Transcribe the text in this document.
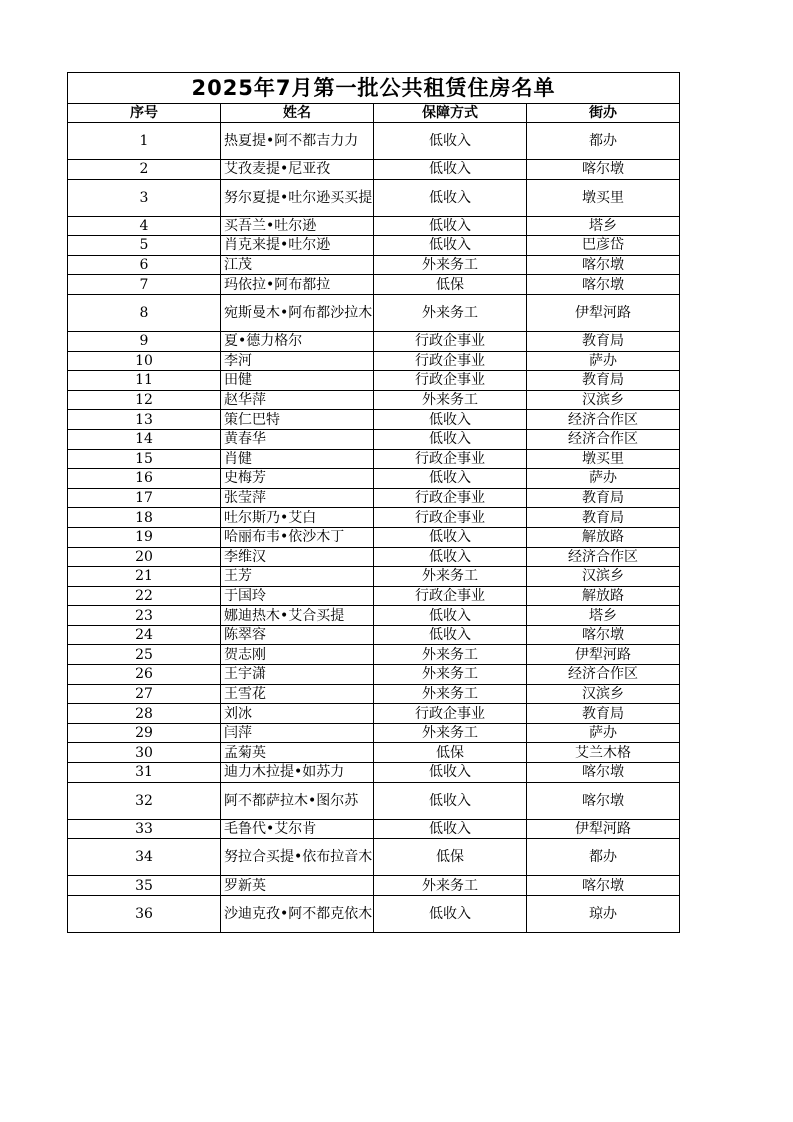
2025年7月第一批公共租赁住房名单			
序号	姓名	保障方式	街办
1	热夏提•阿不都吉力力	低收入	都办
2	艾孜麦提•尼亚孜	低收入	喀尔墩
3	努尔夏提•吐尔逊买买提	低收入	墩买里
4	买吾兰•吐尔逊	低收入	塔乡
5	肖克来提•吐尔逊	低收入	巴彦岱
6	江茂	外来务工	喀尔墩
7	玛依拉•阿布都拉	低保	喀尔墩
8	宛斯曼木•阿布都沙拉木	外来务工	伊犁河路
9	夏•德力格尔	行政企事业	教育局
10	李河	行政企事业	萨办
11	田健	行政企事业	教育局
12	赵华萍	外来务工	汉滨乡
13	策仁巴特	低收入	经济合作区
14	黄春华	低收入	经济合作区
15	肖健	行政企事业	墩买里
16	史梅芳	低收入	萨办
17	张莹萍	行政企事业	教育局
18	吐尔斯乃•艾白	行政企事业	教育局
19	哈丽布韦•依沙木丁	低收入	解放路
20	李维汉	低收入	经济合作区
21	王芳	外来务工	汉滨乡
22	于国玲	行政企事业	解放路
23	娜迪热木•艾合买提	低收入	塔乡
24	陈翠容	低收入	喀尔墩
25	贺志刚	外来务工	伊犁河路
26	王宇潇	外来务工	经济合作区
27	王雪花	外来务工	汉滨乡
28	刘冰	行政企事业	教育局
29	闫萍	外来务工	萨办
30	孟菊英	低保	艾兰木格
31	迪力木拉提•如苏力	低收入	喀尔墩
32	阿不都萨拉木•图尔苏	低收入	喀尔墩
33	毛鲁代•艾尔肯	低收入	伊犁河路
34	努拉合买提•依布拉音木	低保	都办
35	罗新英	外来务工	喀尔墩
36	沙迪克孜•阿不都克依木	低收入	琼办
